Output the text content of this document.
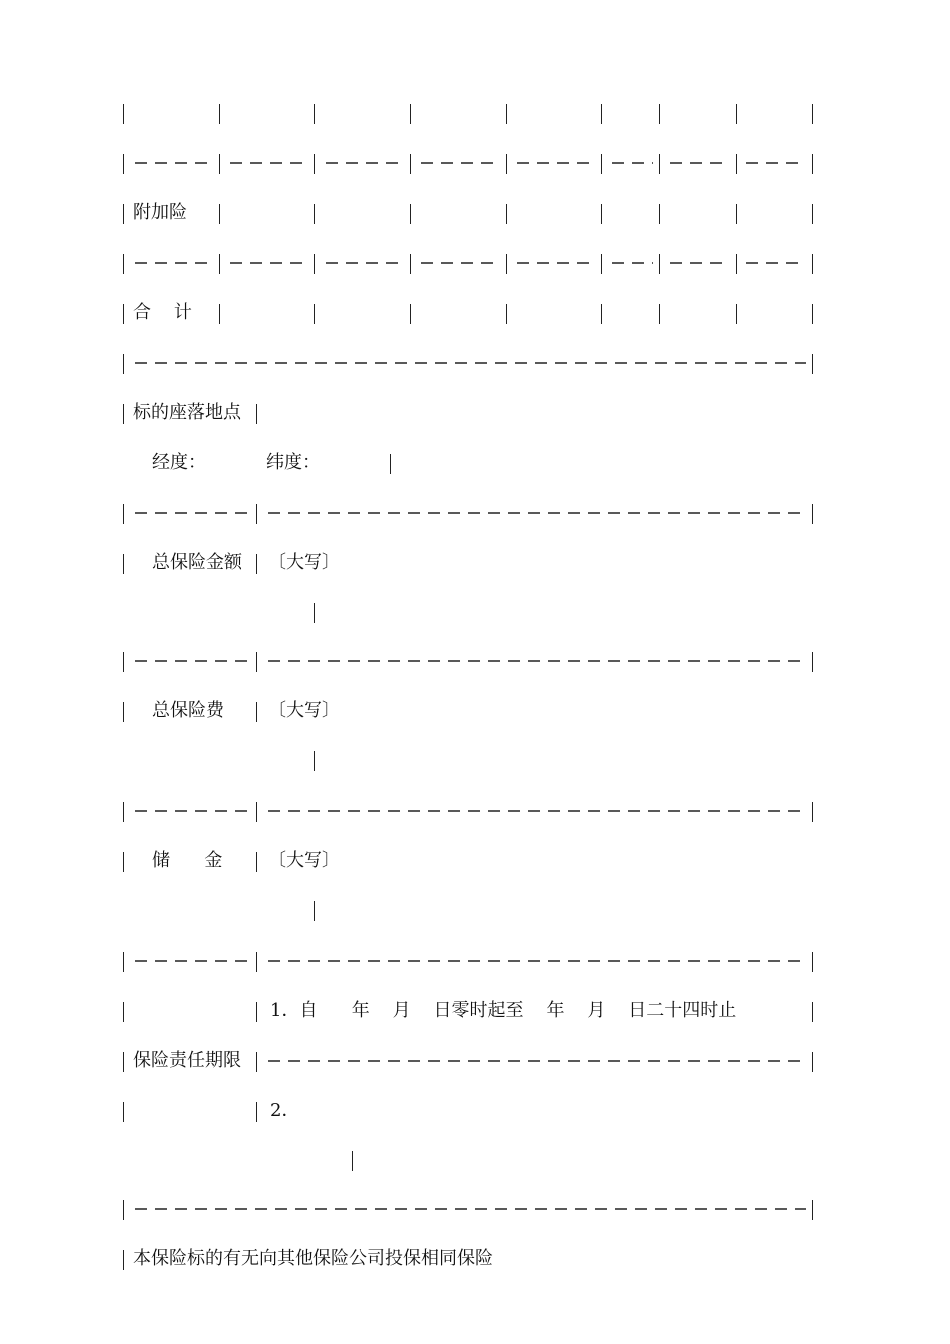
附加险
合    计
标的座落地点
经度：	纬度：
总保险金额 〔大写〕
总保险费 〔大写〕
储      金	〔大写〕
1．自      年    月    日零时起至    年    月    日二十四时止
保险责任期限
2．
本保险标的有无向其他保险公司投保相同保险
